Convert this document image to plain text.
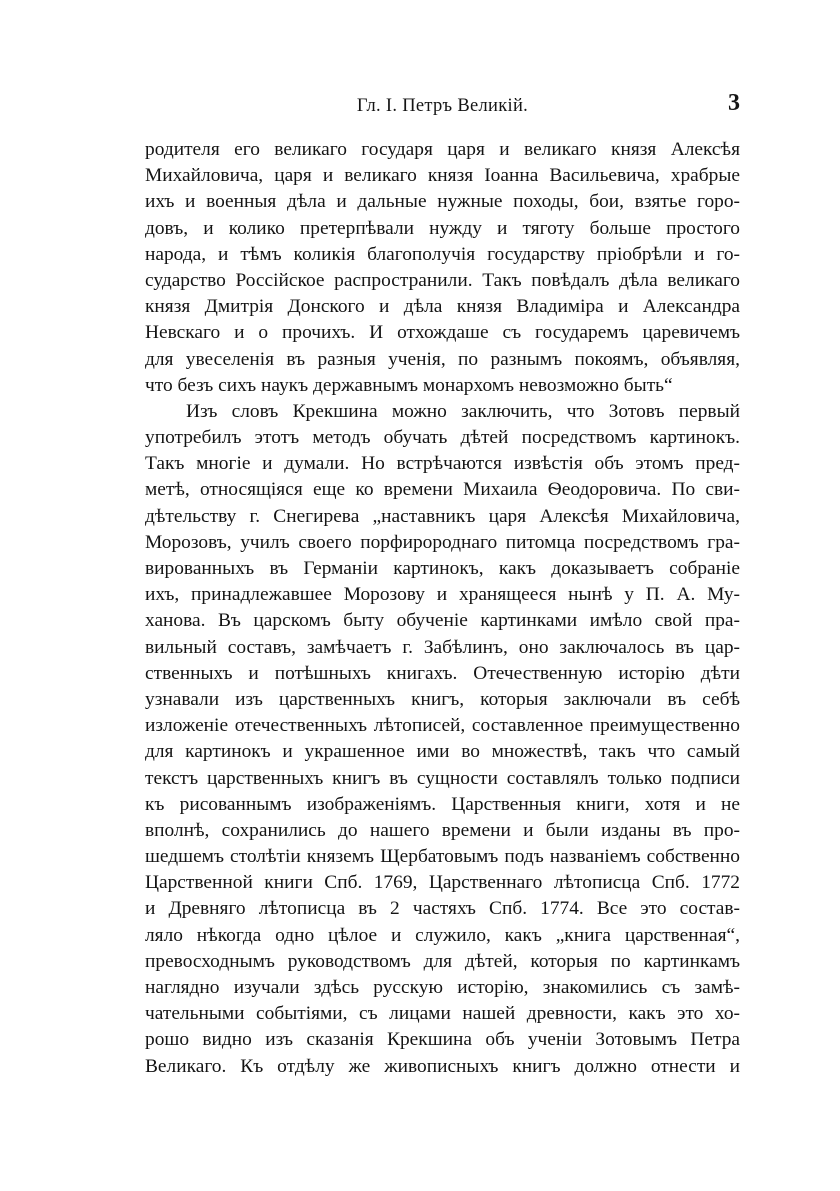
Гл. I. Петръ Великій.	3
родителя его великаго государя царя и великаго князя Алексѣя
Михайловича, царя и великаго князя Іоанна Васильевича, храбрые
ихъ и военныя дѣла и дальные нужные походы, бои, взятье горо-
довъ, и колико претерпѣвали нужду и тяготу больше простого
народа, и тѣмъ коликія благополучія государству пріобрѣли и го-
сударство Россійское распространили. Такъ повѣдалъ дѣла великаго
князя Дмитрія Донского и дѣла князя Владиміра и Александра
Невскаго и о прочихъ. И отхождаше съ государемъ царевичемъ
для увеселенія въ разныя ученія, по разнымъ покоямъ, объявляя,
что безъ сихъ наукъ державнымъ монархомъ невозможно быть“
Изъ словъ Крекшина можно заключить, что Зотовъ первый
употребилъ этотъ методъ обучать дѣтей посредствомъ картинокъ.
Такъ многіе и думали. Но встрѣчаются извѣстія объ этомъ пред-
метѣ, относящіяся еще ко времени Михаила Ѳеодоровича. По сви-
дѣтельству г. Снегирева „наставникъ царя Алексѣя Михайловича,
Морозовъ, училъ своего порфиророднаго питомца посредствомъ гра-
вированныхъ въ Германіи картинокъ, какъ доказываетъ собраніе
ихъ, принадлежавшее Морозову и хранящееся нынѣ у П. А. Му-
ханова. Въ царскомъ быту обученіе картинками имѣло свой пра-
вильный составъ, замѣчаетъ г. Забѣлинъ, оно заключалось въ цар-
ственныхъ и потѣшныхъ книгахъ. Отечественную исторію дѣти
узнавали изъ царственныхъ книгъ, которыя заключали въ себѣ
изложеніе отечественныхъ лѣтописей, составленное преимущественно
для картинокъ и украшенное ими во множествѣ, такъ что самый
текстъ царственныхъ книгъ въ сущности составлялъ только подписи
къ рисованнымъ изображеніямъ. Царственныя книги, хотя и не
вполнѣ, сохранились до нашего времени и были изданы въ про-
шедшемъ столѣтіи княземъ Щербатовымъ подъ названіемъ собственно
Царственной книги Спб. 1769, Царственнаго лѣтописца Спб. 1772
и Древняго лѣтописца въ 2 частяхъ Спб. 1774. Все это состав-
ляло нѣкогда одно цѣлое и служило, какъ „книга царственная“,
превосходнымъ руководствомъ для дѣтей, которыя по картинкамъ
наглядно изучали здѣсь русскую исторію, знакомились съ замѣ-
чательными событіями, съ лицами нашей древности, какъ это хо-
рошо видно изъ сказанія Крекшина объ ученіи Зотовымъ Петра
Великаго. Къ отдѣлу же живописныхъ книгъ должно отнести и
